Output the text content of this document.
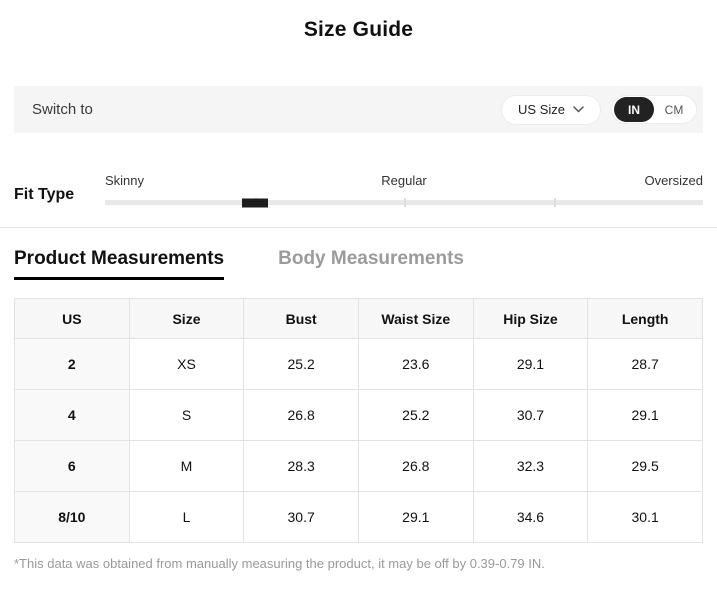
Size Guide
Switch to	US Size	IN	CM
Fit Type
Skinny	Regular	Oversized
Product Measurements	Body Measurements
US	Size	Bust	Waist Size	Hip Size	Length
2	XS	25.2	23.6	29.1	28.7
4	S	26.8	25.2	30.7	29.1
6	M	28.3	26.8	32.3	29.5
8/10	L	30.7	29.1	34.6	30.1
*This data was obtained from manually measuring the product, it may be off by 0.39-0.79 IN.
